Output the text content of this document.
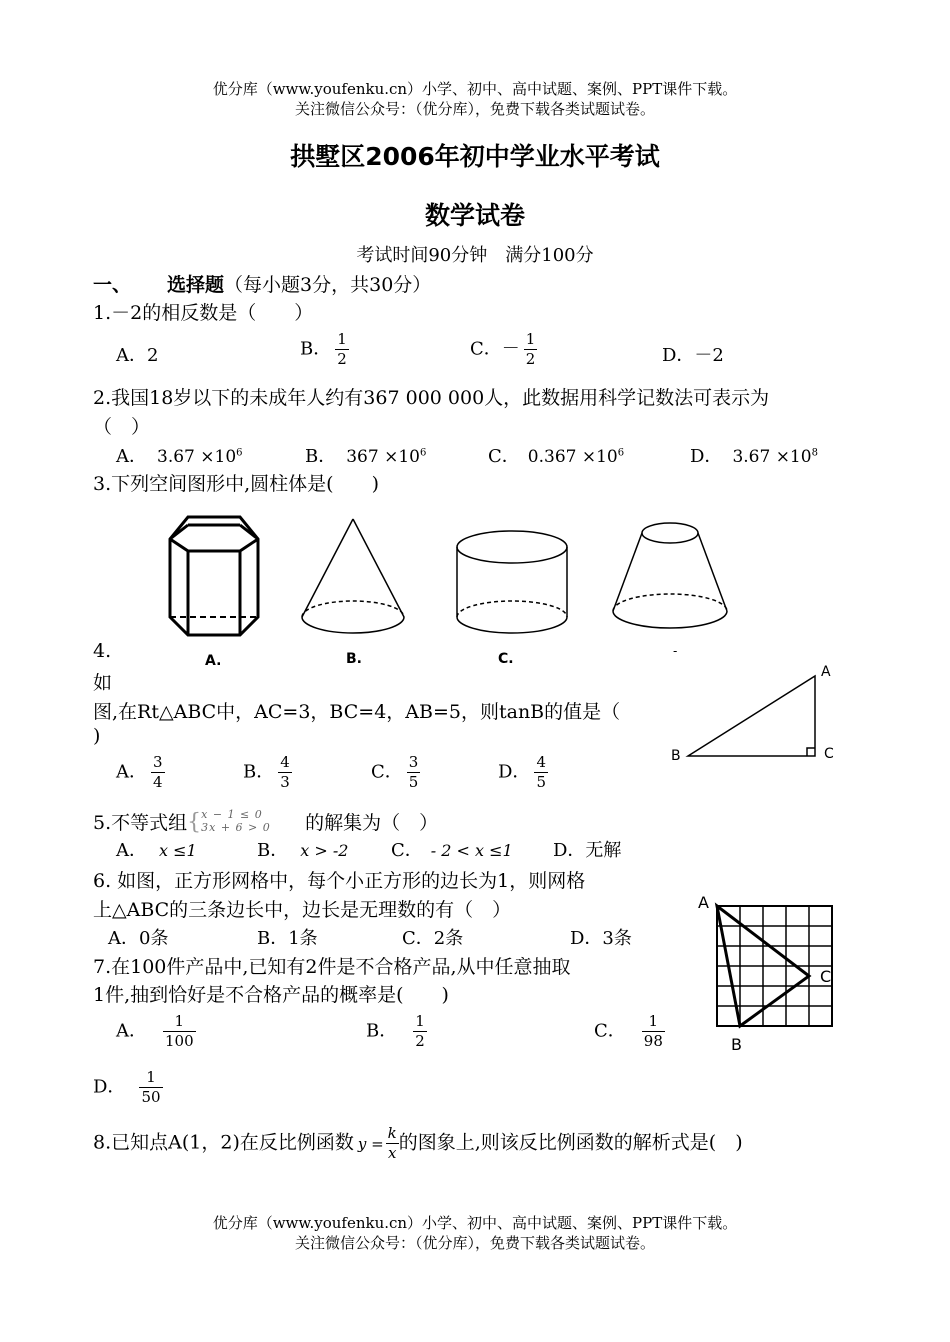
优分库（www.youfenku.cn）小学、初中、高中试题、案例、PPT课件下载。
关注微信公众号：（优分库），免费下载各类试题试卷。
拱墅区2006年初中学业水平考试
数学试卷
考试时间90分钟　满分100分
一、 选择题（每小题3分，共30分）
1.－2的相反数是（　　）
A．2	B． $\frac{1}{2}$	C．－ $\frac{1}{2}$	D．－2
2.我国18岁以下的未成年人约有367 000 000人，此数据用科学记数法可表示为
（　）
A． $3.67 \times 10^6$	B． $367 \times 10^6$	C． $0.367 \times 10^6$	D． $3.67 \times 10^8$
3.下列空间图形中,圆柱体是(　　)
A.	B.	C.	-
4.
如
图,在Rt△ABC中，AC=3，BC=4，AB=5，则tanB的值是（
)
A
B	C
A． $\frac{3}{4}$	B． $\frac{4}{3}$	C． $\frac{3}{5}$	D． $\frac{4}{5}$
5.不等式组 { x − 1 ≤ 0
3x + 6 > 0 的解集为（　）
A． x ≤1	B． x > -2 C． - 2 < x ≤1 D．无解
6. 如图，正方形网格中，每个小正方形的边长为1，则网格
上△ABC的三条边长中，边长是无理数的有（　）
A．0条	B．1条	C．2条	D．3条
A
B
C
7.在100件产品中,已知有2件是不合格产品,从中任意抽取
1件,抽到恰好是不合格产品的概率是(　　)
A． $\frac{1}{100}$	B． $\frac{1}{2}$	C． $\frac{1}{98}$
D． $\frac{1}{50}$
8.已知点A(1，2)在反比例函数 $y = \frac{k}{x}$ 的图象上,则该反比例函数的解析式是(　)
优分库（www.youfenku.cn）小学、初中、高中试题、案例、PPT课件下载。
关注微信公众号：（优分库），免费下载各类试题试卷。
